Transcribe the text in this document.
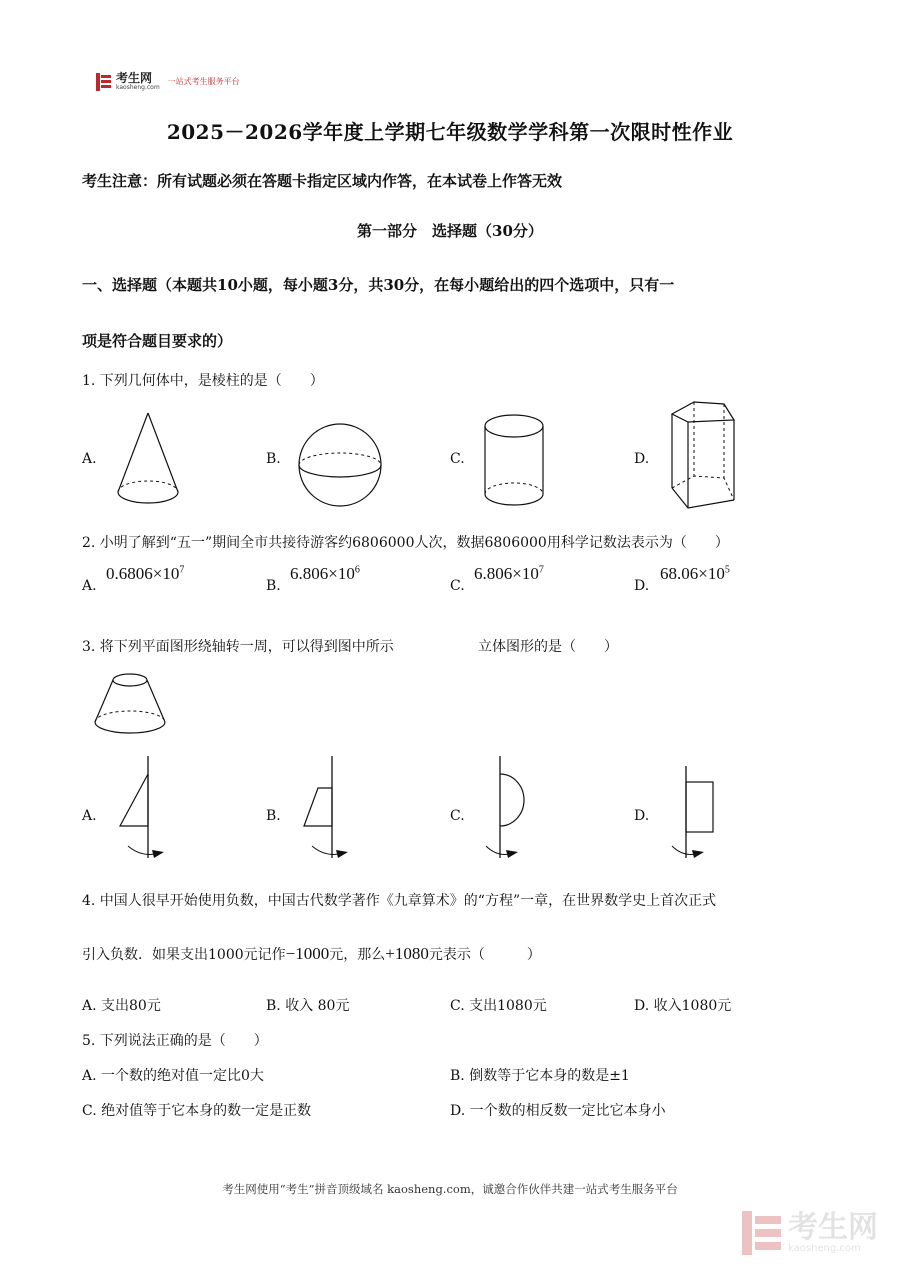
考生网
kaosheng.com
一站式考生服务平台
2025－2026学年度上学期七年级数学学科第一次限时性作业
考生注意：所有试题必须在答题卡指定区域内作答，在本试卷上作答无效
第一部分　选择题（30分）
一、选择题（本题共10小题，每小题3分，共30分，在每小题给出的四个选项中，只有一
项是符合题目要求的）
1. 下列几何体中，是棱柱的是（　　）
A.	B.	C.	D.
2. 小明了解到“五一”期间全市共接待游客约6806000人次，数据6806000用科学记数法表示为（　　）
A.
$0.6806\times 10^7$
B.
$6.806\times 10^6$
C.
$6.806\times 10^7$
D.
$68.06\times 10^5$
3. 将下列平面图形绕轴转一周，可以得到图中所示	立体图形的是（　　）
A.	B.	C.	D.
4. 中国人很早开始使用负数，中国古代数学著作《九章算术》的“方程”一章，在世界数学史上首次正式
引入负数．如果支出1000元记作 −1000 元，那么 +1080 元表示（　　　）
A. 支出80元	B. 收入 80元	C. 支出1080元	D. 收入1080元
5. 下列说法正确的是（　　）
A. 一个数的绝对值一定比0大	B. 倒数等于它本身的数是±1
C. 绝对值等于它本身的数一定是正数	D. 一个数的相反数一定比它本身小
考生网使用“考生”拼音顶级域名 kaosheng.com，诚邀合作伙伴共建一站式考生服务平台
考生网
kaosheng.com
